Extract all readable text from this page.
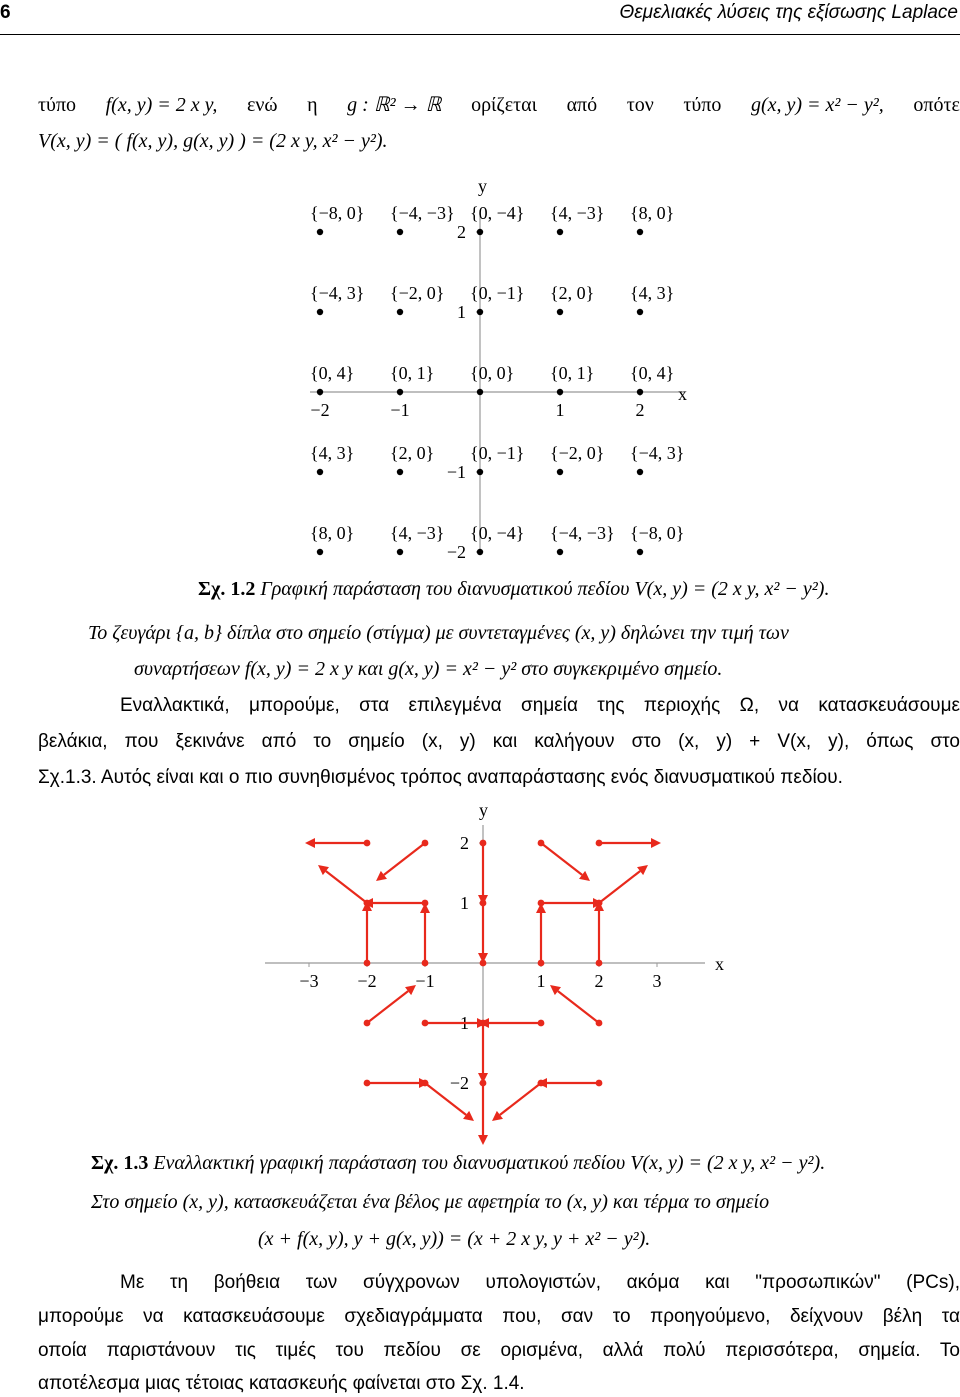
6	Θεμελιακές λύσεις της εξίσωσης Laplace
τύπο f(x, y) = 2 x y, ενώ η g : ℝ² → ℝ ορίζεται από τον τύπο g(x, y) = x² − y², οπότε
V(x, y) = ( f(x, y), g(x, y) ) = (2 x y, x² − y²).
y
x
2
1
−1
−2
−2	−1	1	2
{−8, 0} {−4, −3} {0, −4} {4, −3} {8, 0}
{−4, 3} {−2, 0} {0, −1} {2, 0} {4, 3}
{0, 4} {0, 1} {0, 0} {0, 1} {0, 4}
{4, 3} {2, 0} {0, −1} {−2, 0} {−4, 3}
{8, 0} {4, −3} {0, −4} {−4, −3} {−8, 0}
Σχ. 1.2 Γραφική παράσταση του διανυσματικού πεδίου V(x, y) = (2 x y, x² − y²).
Το ζευγάρι {a, b} δίπλα στο σημείο (στίγμα) με συντεταγμένες (x, y) δηλώνει την τιμή των
συναρτήσεων f(x, y) = 2 x y και g(x, y) = x² − y² στο συγκεκριμένο σημείο.
Εναλλακτικά, μπορούμε, στα επιλεγμένα σημεία της περιοχής Ω, να κατασκευάσουμε
βελάκια, που ξεκινάνε από το σημείο (x, y) και καλήγουν στο (x, y) + V(x, y), όπως στο
Σχ.1.3. Αυτός είναι και ο πιο συνηθισμένος τρόπος αναπαράστασης ενός διανυσματικού πεδίου.
y
x
2
1
−1
−2
−3 −2 −1	1	2	3
Σχ. 1.3 Εναλλακτική γραφική παράσταση του διανυσματικού πεδίου V(x, y) = (2 x y, x² − y²).
Στο σημείο (x, y), κατασκευάζεται ένα βέλος με αφετηρία το (x, y) και τέρμα το σημείο
(x + f(x, y), y + g(x, y)) = (x + 2 x y, y + x² − y²).
Με τη βοήθεια των σύγχρονων υπολογιστών, ακόμα και "προσωπικών" (PCs),
μπορούμε να κατασκευάσουμε σχεδιαγράμματα που, σαν το προηγούμενο, δείχνουν βέλη τα
οποία παριστάνουν τις τιμές του πεδίου σε ορισμένα, αλλά πολύ περισσότερα, σημεία. Το
αποτέλεσμα μιας τέτοιας κατασκευής φαίνεται στο Σχ. 1.4.
